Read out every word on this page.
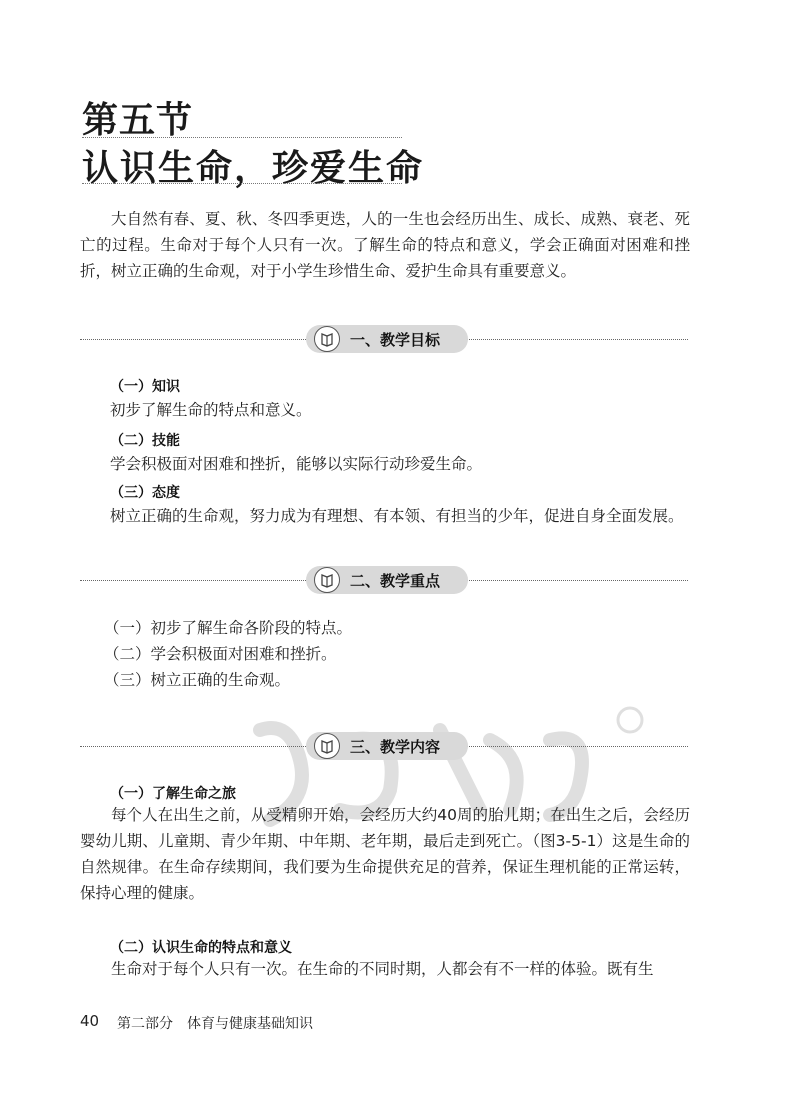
第五节
认识生命，珍爱生命
大自然有春、夏、秋、冬四季更迭，人的一生也会经历出生、成长、成熟、衰老、死亡的过程。生命对于每个人只有一次。了解生命的特点和意义，学会正确面对困难和挫折，树立正确的生命观，对于小学生珍惜生命、爱护生命具有重要意义。
一、教学目标
（一）知识
初步了解生命的特点和意义。
（二）技能
学会积极面对困难和挫折，能够以实际行动珍爱生命。
（三）态度
树立正确的生命观，努力成为有理想、有本领、有担当的少年，促进自身全面发展。
二、教学重点
（一）初步了解生命各阶段的特点。
（二）学会积极面对困难和挫折。
（三）树立正确的生命观。
三、教学内容
（一）了解生命之旅
每个人在出生之前，从受精卵开始，会经历大约40周的胎儿期；在出生之后，会经历婴幼儿期、儿童期、青少年期、中年期、老年期，最后走到死亡。（图3-5-1）这是生命的自然规律。在生命存续期间，我们要为生命提供充足的营养，保证生理机能的正常运转，保持心理的健康。
（二）认识生命的特点和意义
生命对于每个人只有一次。在生命的不同时期，人都会有不一样的体验。既有生
40 第二部分　体育与健康基础知识
